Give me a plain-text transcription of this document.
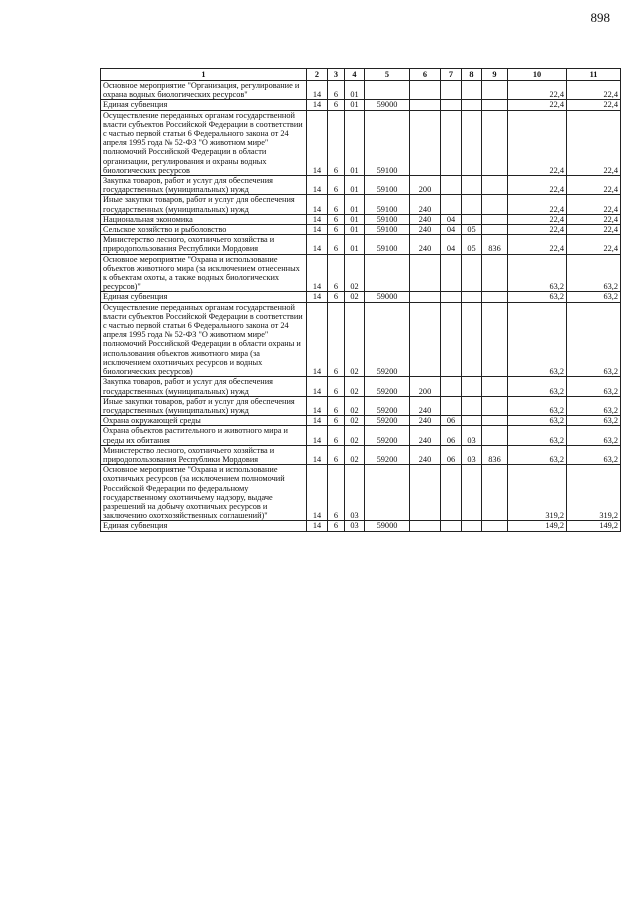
898
1	2	3	4	5	6	7	8	9	10	11
Основное мероприятие "Организация, регулирование и охрана водных биологических ресурсов"	14	6	01						22,4	22,4
Единая субвенция	14	6	01	59000					22,4	22,4
Осуществление переданных органам государственной власти субъектов Российской Федерации в соответствии с частью первой статьи 6 Федерального закона от 24 апреля 1995 года № 52-ФЗ "О животном мире" полномочий Российской Федерации в области организации, регулирования и охраны водных биологических ресурсов	14	6	01	59100					22,4	22,4
Закупка товаров, работ и услуг для обеспечения государственных (муниципальных) нужд	14	6	01	59100	200				22,4	22,4
Иные закупки товаров, работ и услуг для обеспечения государственных (муниципальных) нужд	14	6	01	59100	240				22,4	22,4
Национальная экономика	14	6	01	59100	240	04			22,4	22,4
Сельское хозяйство и рыболовство	14	6	01	59100	240	04	05		22,4	22,4
Министерство лесного, охотничьего хозяйства и природопользования Республики Мордовия	14	6	01	59100	240	04	05	836	22,4	22,4
Основное мероприятие "Охрана и использование объектов животного мира (за исключением отнесенных к объектам охоты, а также водных биологических ресурсов)"	14	6	02						63,2	63,2
Единая субвенция	14	6	02	59000					63,2	63,2
Осуществление переданных органам государственной власти субъектов Российской Федерации в соответствии с частью первой статьи 6 Федерального закона от 24 апреля 1995 года № 52-ФЗ "О животном мире" полномочий Российской Федерации в области охраны и использования объектов животного мира (за исключением охотничьих ресурсов и водных биологических ресурсов)	14	6	02	59200					63,2	63,2
Закупка товаров, работ и услуг для обеспечения государственных (муниципальных) нужд	14	6	02	59200	200				63,2	63,2
Иные закупки товаров, работ и услуг для обеспечения государственных (муниципальных) нужд	14	6	02	59200	240				63,2	63,2
Охрана окружающей среды	14	6	02	59200	240	06			63,2	63,2
Охрана объектов растительного и животного мира и среды их обитания	14	6	02	59200	240	06	03		63,2	63,2
Министерство лесного, охотничьего хозяйства и природопользования Республики Мордовия	14	6	02	59200	240	06	03	836	63,2	63,2
Основное мероприятие "Охрана и использование охотничьих ресурсов (за исключением полномочий Российской Федерации по федеральному государственному охотничьему надзору, выдаче разрешений на добычу охотничьих ресурсов и заключению охотхозяйственных соглашений)"	14	6	03						319,2	319,2
Единая субвенция	14	6	03	59000					149,2	149,2
